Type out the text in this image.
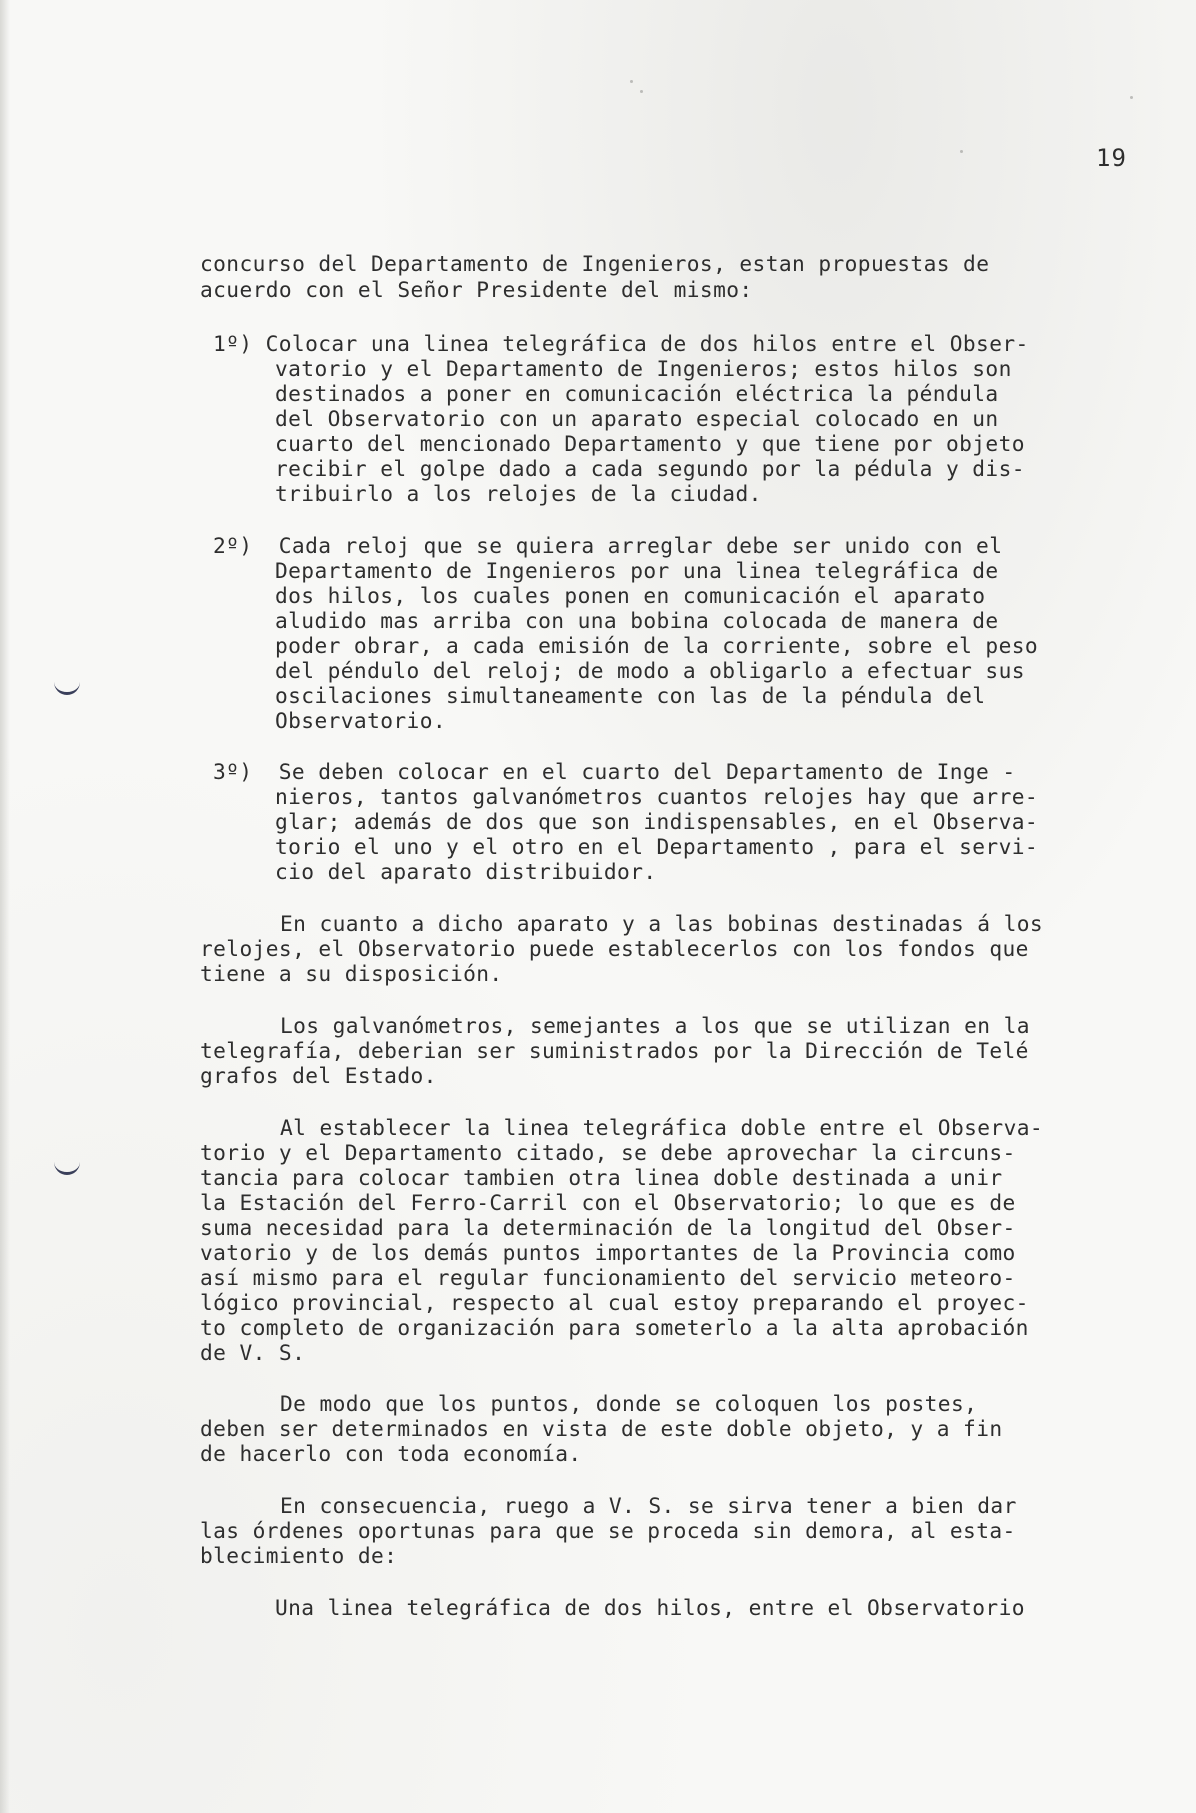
19
concurso del Departamento de Ingenieros, estan propuestas de
acuerdo con el Señor Presidente del mismo:
1º) Colocar una linea telegráfica de dos hilos entre el Obser-
vatorio y el Departamento de Ingenieros; estos hilos son
destinados a poner en comunicación eléctrica la péndula
del Observatorio con un aparato especial colocado en un
cuarto del mencionado Departamento y que tiene por objeto
recibir el golpe dado a cada segundo por la pédula y dis-
tribuirlo a los relojes de la ciudad.
2º)  Cada reloj que se quiera arreglar debe ser unido con el
Departamento de Ingenieros por una linea telegráfica de
dos hilos, los cuales ponen en comunicación el aparato
aludido mas arriba con una bobina colocada de manera de
poder obrar, a cada emisión de la corriente, sobre el peso
del péndulo del reloj; de modo a obligarlo a efectuar sus
oscilaciones simultaneamente con las de la péndula del
Observatorio.
3º)  Se deben colocar en el cuarto del Departamento de Inge -
nieros, tantos galvanómetros cuantos relojes hay que arre-
glar; además de dos que son indispensables, en el Observa-
torio el uno y el otro en el Departamento , para el servi-
cio del aparato distribuidor.
En cuanto a dicho aparato y a las bobinas destinadas á los
relojes, el Observatorio puede establecerlos con los fondos que
tiene a su disposición.
Los galvanómetros, semejantes a los que se utilizan en la
telegrafía, deberian ser suministrados por la Dirección de Telé
grafos del Estado.
Al establecer la linea telegráfica doble entre el Observa-
torio y el Departamento citado, se debe aprovechar la circuns-
tancia para colocar tambien otra linea doble destinada a unir
la Estación del Ferro-Carril con el Observatorio; lo que es de
suma necesidad para la determinación de la longitud del Obser-
vatorio y de los demás puntos importantes de la Provincia como
así mismo para el regular funcionamiento del servicio meteoro-
lógico provincial, respecto al cual estoy preparando el proyec-
to completo de organización para someterlo a la alta aprobación
de V. S.
De modo que los puntos, donde se coloquen los postes,
deben ser determinados en vista de este doble objeto, y a fin
de hacerlo con toda economía.
En consecuencia, ruego a V. S. se sirva tener a bien dar
las órdenes oportunas para que se proceda sin demora, al esta-
blecimiento de:
Una linea telegráfica de dos hilos, entre el Observatorio
